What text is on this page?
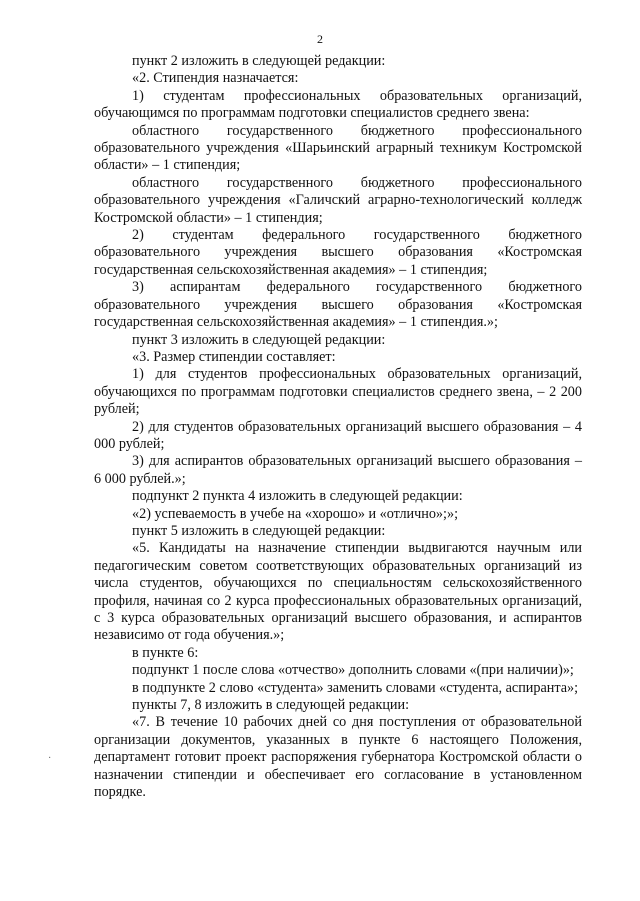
2

пункт 2 изложить в следующей редакции:

«2. Стипендия назначается:

1) студентам профессиональных образовательных организаций, обучающимся по программам подготовки специалистов среднего звена:

областного государственного бюджетного профессионального образовательного учреждения «Шарьинский аграрный техникум Костромской области» – 1 стипендия;

областного государственного бюджетного профессионального образовательного учреждения «Галичский аграрно-технологический колледж Костромской области» – 1 стипендия;

2) студентам федерального государственного бюджетного образовательного учреждения высшего образования «Костромская государственная сельскохозяйственная академия» – 1 стипендия;

3) аспирантам федерального государственного бюджетного образовательного учреждения высшего образования «Костромская государственная сельскохозяйственная академия» – 1 стипендия.»;

пункт 3 изложить в следующей редакции:

«3. Размер стипендии составляет:

1) для студентов профессиональных образовательных организаций, обучающихся по программам подготовки специалистов среднего звена, – 2 200 рублей;

2) для студентов образовательных организаций высшего образования – 4 000 рублей;

3) для аспирантов образовательных организаций высшего образования – 6 000 рублей.»;

подпункт 2 пункта 4 изложить в следующей редакции:

«2) успеваемость в учебе на «хорошо» и «отлично»;»;

пункт 5 изложить в следующей редакции:

«5. Кандидаты на назначение стипендии выдвигаются научным или педагогическим советом соответствующих образовательных организаций из числа студентов, обучающихся по специальностям сельскохозяйственного профиля, начиная со 2 курса профессиональных образовательных организаций, с 3 курса образовательных организаций высшего образования, и аспирантов независимо от года обучения.»;

в пункте 6:

подпункт 1 после слова «отчество» дополнить словами «(при наличии)»;

в подпункте 2 слово «студента» заменить словами «студента, аспиранта»;

пункты 7, 8 изложить в следующей редакции:

«7. В течение 10 рабочих дней со дня поступления от образовательной организации документов, указанных в пункте 6 настоящего Положения, департамент готовит проект распоряжения губернатора Костромской области о назначении стипендии и обеспечивает его согласование в установленном порядке.

·
